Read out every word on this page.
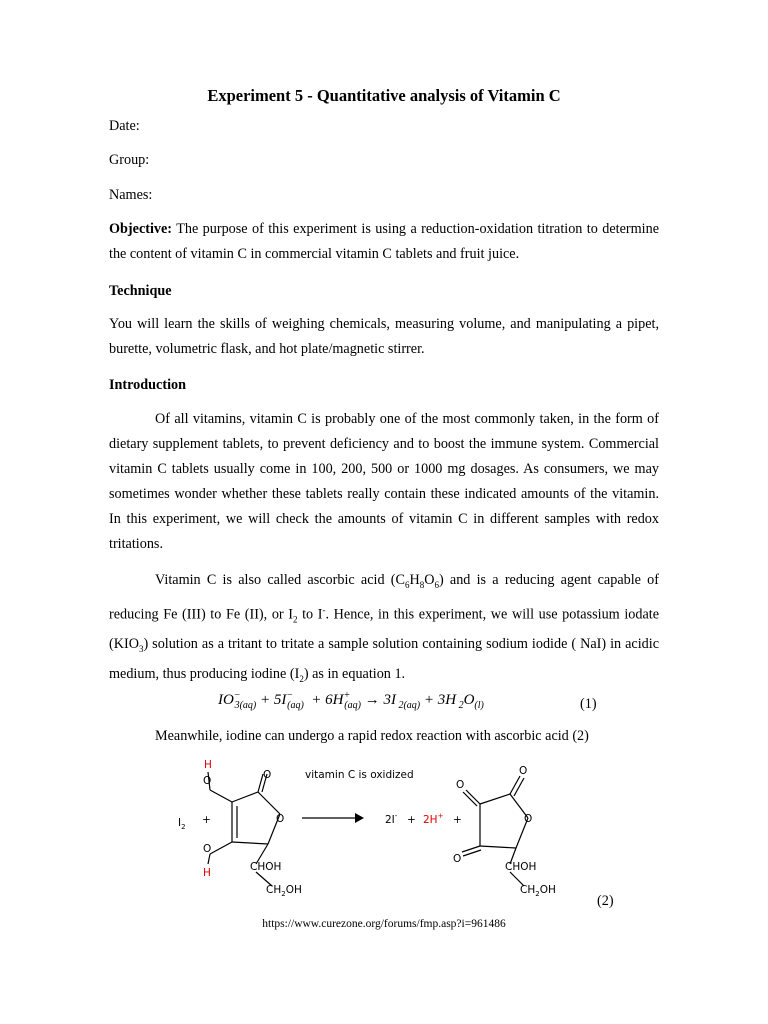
Experiment 5 - Quantitative analysis of Vitamin C
Date:
Group:
Names:
Objective: The purpose of this experiment is using a reduction-oxidation titration to determine the content of vitamin C in commercial vitamin C tablets and fruit juice.
Technique
You will learn the skills of weighing chemicals, measuring volume, and manipulating a pipet, burette, volumetric flask, and hot plate/magnetic stirrer.
Introduction
Of all vitamins, vitamin C is probably one of the most commonly taken, in the form of dietary supplement tablets, to prevent deficiency and to boost the immune system. Commercial vitamin C tablets usually come in 100, 200, 500 or 1000 mg dosages. As consumers, we may sometimes wonder whether these tablets really contain these indicated amounts of the vitamin. In this experiment, we will check the amounts of vitamin C in different samples with redox tritations.
Vitamin C is also called ascorbic acid $(C_6H_8O_6)$ and is a reducing agent capable of reducing Fe (III) to Fe (II), or $I_2$ to I-. Hence, in this experiment, we will use potassium iodate $(KIO_3)$ solution as a tritant to tritate a sample solution containing sodium iodide ( NaI) in acidic medium, thus producing iodine $(I_2)$ as in equation 1.
$IO^-_{3(aq)} + 5I^-_{(aq)} + 6H^+_{(aq)} \to 3I$ $_{2(aq)}$ + 3H $_2O_{(l)}$	(1)
Meanwhile, iodine can undergo a rapid redox reaction with ascorbic acid (2)
vitamin C is oxidized
$I_2$
+
H
O
O
H
O
O
CHOH
$CH_2OH$
2I- + 2H+ +
O
O
O
O
CHOH
$CH_2OH$
(2)
https://www.curezone.org/forums/fmp.asp?i=961486
